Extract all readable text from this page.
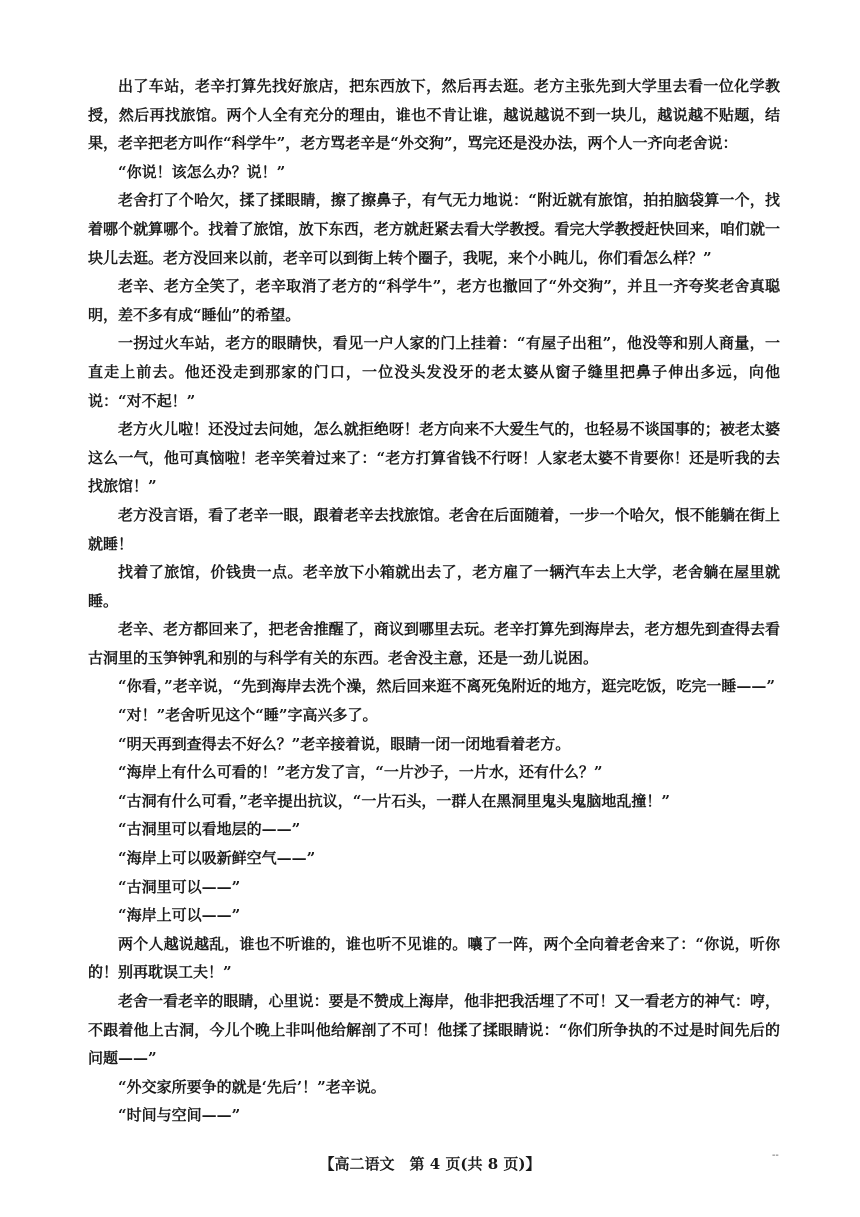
出了车站，老辛打算先找好旅店，把东西放下，然后再去逛。老方主张先到大学里去看一位化学教授，然后再找旅馆。两个人全有充分的理由，谁也不肯让谁，越说越说不到一块儿，越说越不贴题，结果，老辛把老方叫作“科学牛”，老方骂老辛是“外交狗”，骂完还是没办法，两个人一齐向老舍说：

“你说！该怎么办？说！”

老舍打了个哈欠，揉了揉眼睛，擦了擦鼻子，有气无力地说：“附近就有旅馆，拍拍脑袋算一个，找着哪个就算哪个。找着了旅馆，放下东西，老方就赶紧去看大学教授。看完大学教授赶快回来，咱们就一块儿去逛。老方没回来以前，老辛可以到街上转个圈子，我呢，来个小盹儿，你们看怎么样？”

老辛、老方全笑了，老辛取消了老方的“科学牛”，老方也撤回了“外交狗”，并且一齐夸奖老舍真聪明，差不多有成“睡仙”的希望。

一拐过火车站，老方的眼睛快，看见一户人家的门上挂着：“有屋子出租”，他没等和别人商量，一直走上前去。他还没走到那家的门口，一位没头发没牙的老太婆从窗子缝里把鼻子伸出多远，向他说：“对不起！”

老方火儿啦！还没过去问她，怎么就拒绝呀！老方向来不大爱生气的，也轻易不谈国事的；被老太婆这么一气，他可真恼啦！老辛笑着过来了：“老方打算省钱不行呀！人家老太婆不肯要你！还是听我的去找旅馆！”

老方没言语，看了老辛一眼，跟着老辛去找旅馆。老舍在后面随着，一步一个哈欠，恨不能躺在街上就睡！

找着了旅馆，价钱贵一点。老辛放下小箱就出去了，老方雇了一辆汽车去上大学，老舍躺在屋里就睡。

老辛、老方都回来了，把老舍推醒了，商议到哪里去玩。老辛打算先到海岸去，老方想先到查得去看古洞里的玉笋钟乳和别的与科学有关的东西。老舍没主意，还是一劲儿说困。

“你看，”老辛说，“先到海岸去洗个澡，然后回来逛不离死兔附近的地方，逛完吃饭，吃完一睡——”

“对！”老舍听见这个“睡”字高兴多了。

“明天再到查得去不好么？”老辛接着说，眼睛一闭一闭地看着老方。

“海岸上有什么可看的！”老方发了言，“一片沙子，一片水，还有什么？”

“古洞有什么可看，”老辛提出抗议，“一片石头，一群人在黑洞里鬼头鬼脑地乱撞！”

“古洞里可以看地层的——”

“海岸上可以吸新鲜空气——”

“古洞里可以——”

“海岸上可以——”

两个人越说越乱，谁也不听谁的，谁也听不见谁的。嚷了一阵，两个全向着老舍来了：“你说，听你的！别再耽误工夫！”

老舍一看老辛的眼睛，心里说：要是不赞成上海岸，他非把我活埋了不可！又一看老方的神气：哼，不跟着他上古洞，今儿个晚上非叫他给解剖了不可！他揉了揉眼睛说：“你们所争执的不过是时间先后的问题——”

“外交家所要争的就是‘先后’！”老辛说。

“时间与空间——”

【高二语文　第 4 页(共 8 页)】	--
